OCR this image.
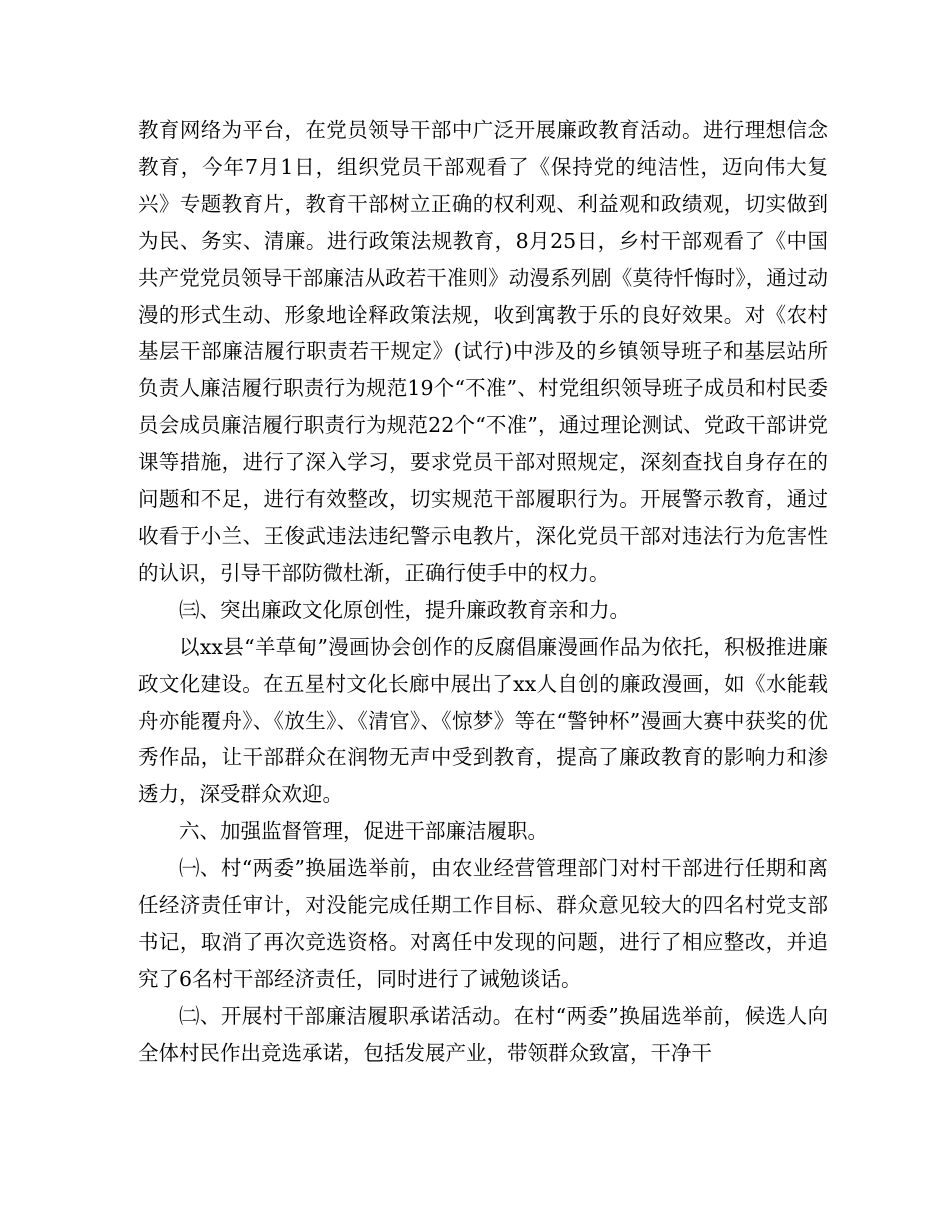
教育网络为平台，在党员领导干部中广泛开展廉政教育活动。进行理想信念教育，今年7月1日，组织党员干部观看了《保持党的纯洁性，迈向伟大复兴》专题教育片，教育干部树立正确的权利观、利益观和政绩观，切实做到为民、务实、清廉。进行政策法规教育，8月25日，乡村干部观看了《中国共产党党员领导干部廉洁从政若干准则》动漫系列剧《莫待忏悔时》，通过动漫的形式生动、形象地诠释政策法规，收到寓教于乐的良好效果。对《农村基层干部廉洁履行职责若干规定》(试行)中涉及的乡镇领导班子和基层站所负责人廉洁履行职责行为规范19个“不准”、村党组织领导班子成员和村民委员会成员廉洁履行职责行为规范22个“不准”，通过理论测试、党政干部讲党课等措施，进行了深入学习，要求党员干部对照规定，深刻查找自身存在的问题和不足，进行有效整改，切实规范干部履职行为。开展警示教育，通过收看于小兰、王俊武违法违纪警示电教片，深化党员干部对违法行为危害性的认识，引导干部防微杜渐，正确行使手中的权力。

㈢、突出廉政文化原创性，提升廉政教育亲和力。

以xx县“羊草甸”漫画协会创作的反腐倡廉漫画作品为依托，积极推进廉政文化建设。在五星村文化长廊中展出了xx人自创的廉政漫画，如《水能载舟亦能覆舟》、《放生》、《清官》、《惊梦》等在“警钟杯”漫画大赛中获奖的优秀作品，让干部群众在润物无声中受到教育，提高了廉政教育的影响力和渗透力，深受群众欢迎。

六、加强监督管理，促进干部廉洁履职。

㈠、村“两委”换届选举前，由农业经营管理部门对村干部进行任期和离任经济责任审计，对没能完成任期工作目标、群众意见较大的四名村党支部书记，取消了再次竞选资格。对离任中发现的问题，进行了相应整改，并追究了6名村干部经济责任，同时进行了诫勉谈话。

㈡、开展村干部廉洁履职承诺活动。在村“两委”换届选举前，候选人向全体村民作出竞选承诺，包括发展产业，带领群众致富，干净干
